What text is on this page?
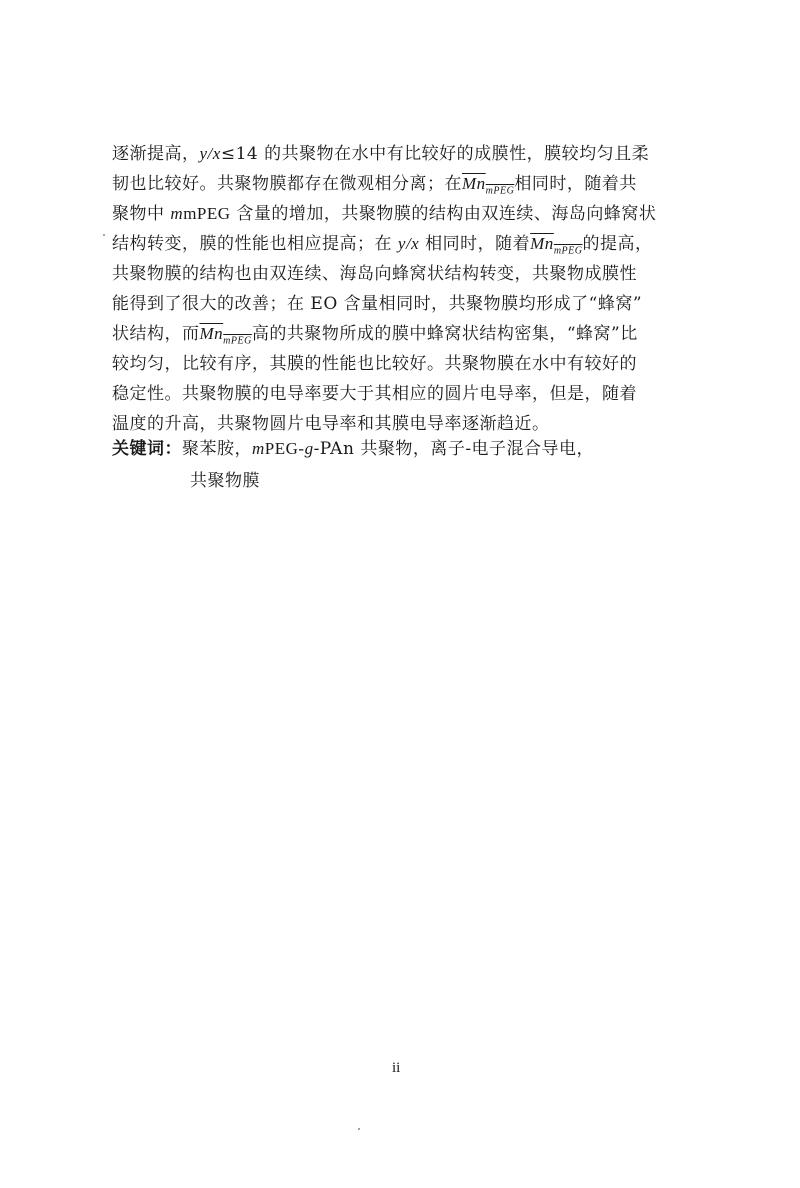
逐渐提高，y/x≤14 的共聚物在水中有比较好的成膜性，膜较均匀且柔
韧也比较好。共聚物膜都存在微观相分离；在$Mn_{mPEG}$相同时，随着共
聚物中 mmPEG 含量的增加，共聚物膜的结构由双连续、海岛向蜂窝状
结构转变，膜的性能也相应提高；在 y/x 相同时，随着$Mn_{mPEG}$的提高，
共聚物膜的结构也由双连续、海岛向蜂窝状结构转变，共聚物成膜性
能得到了很大的改善；在 EO 含量相同时，共聚物膜均形成了“蜂窝”
状结构，而$Mn_{mPEG}$高的共聚物所成的膜中蜂窝状结构密集，“蜂窝”比
较均匀，比较有序，其膜的性能也比较好。共聚物膜在水中有较好的
稳定性。共聚物膜的电导率要大于其相应的圆片电导率，但是，随着
温度的升高，共聚物圆片电导率和其膜电导率逐渐趋近。
关键词：聚苯胺，mPEG-g-PAn 共聚物，离子-电子混合导电，
共聚物膜
ii
